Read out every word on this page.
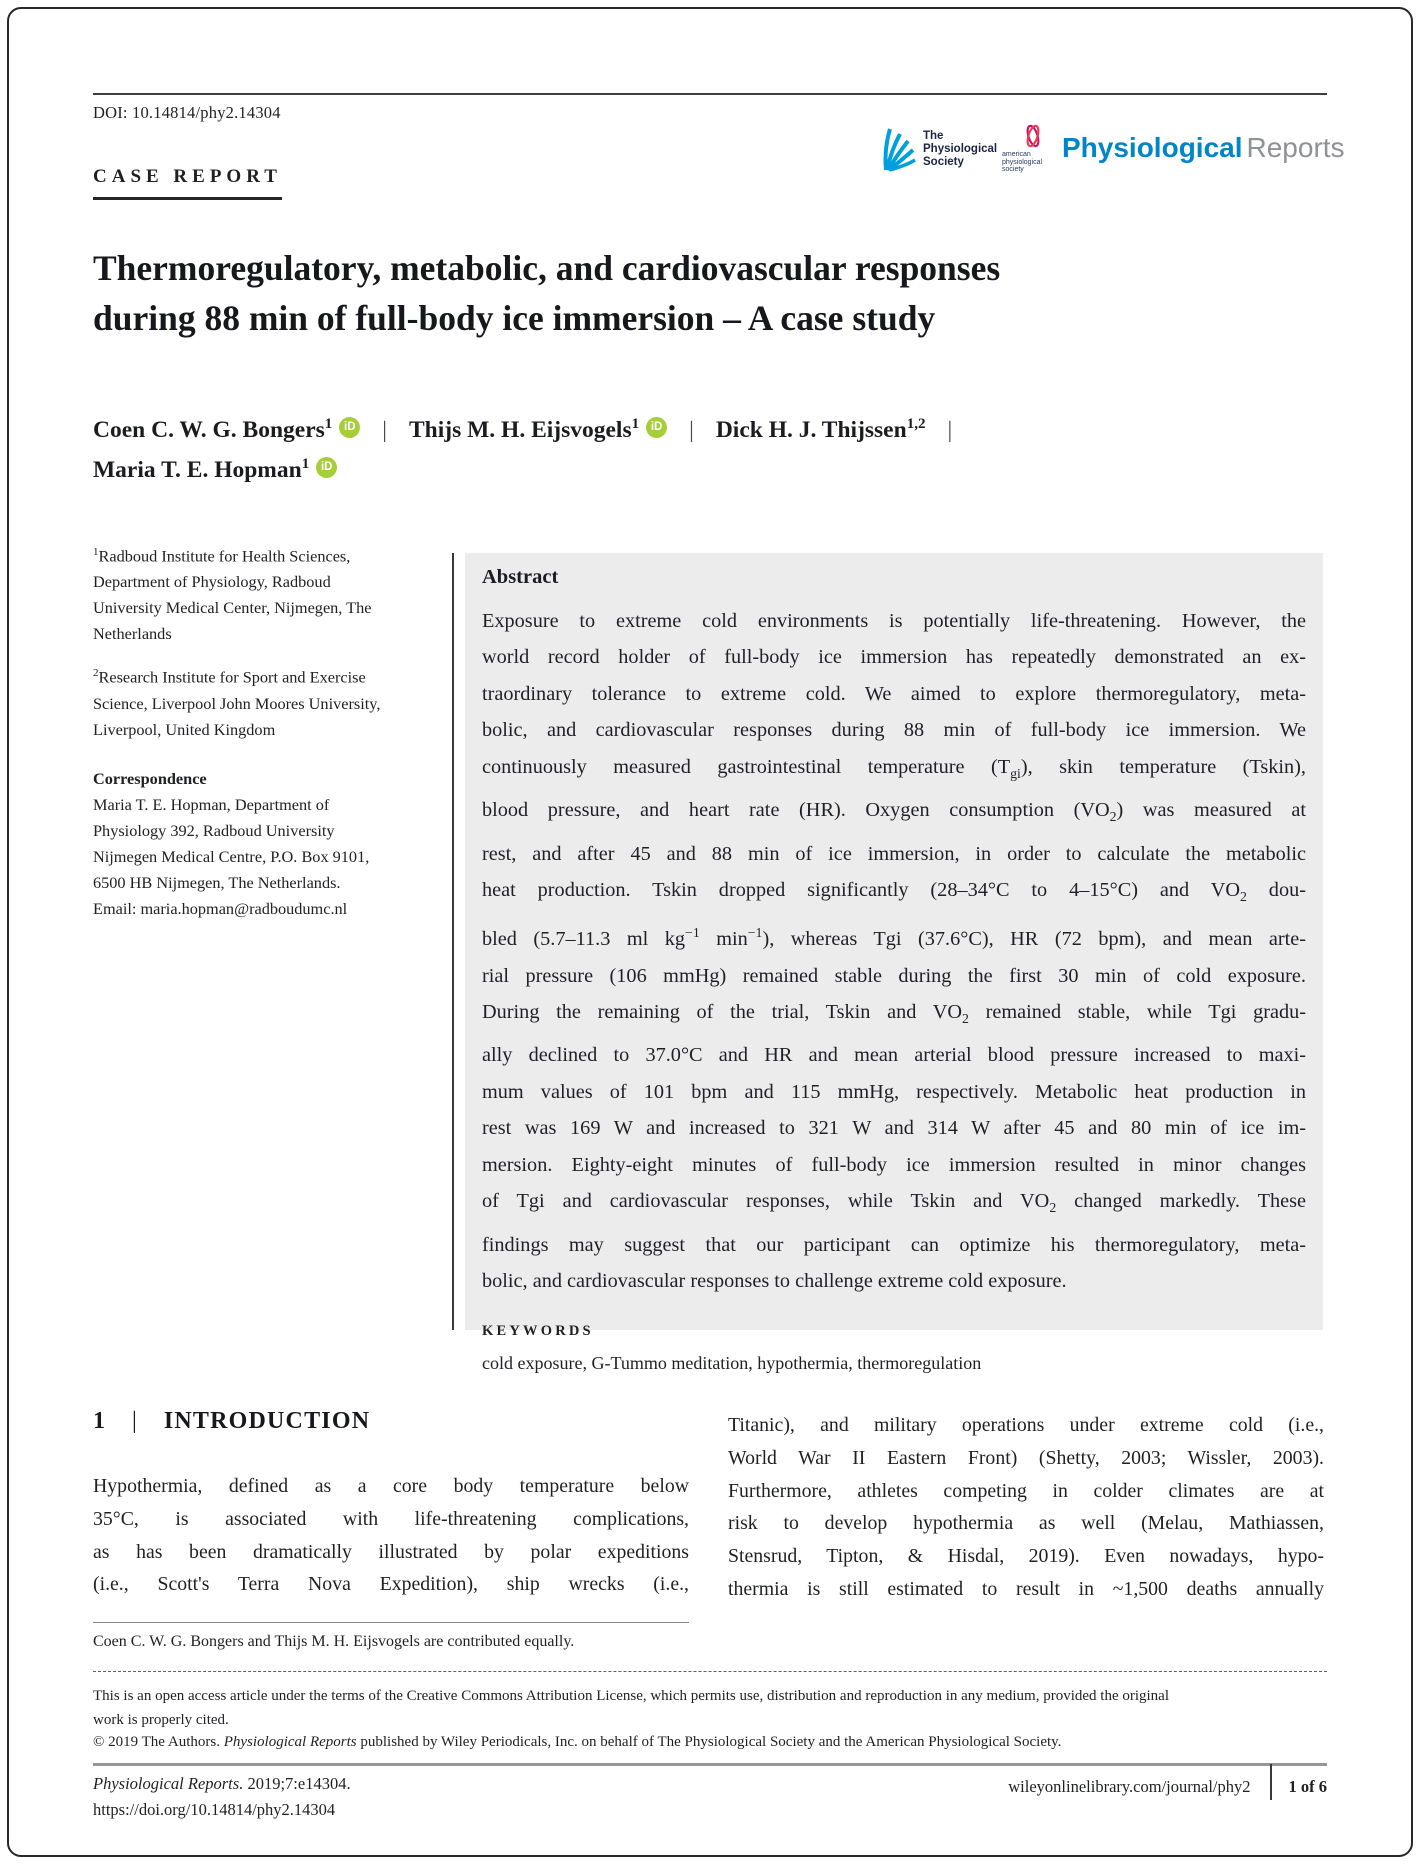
DOI: 10.14814/phy2.14304
CASE REPORT
The
Physiological
Society
american
physiological
society
Physiological Reports
Thermoregulatory, metabolic, and cardiovascular responses
during 88 min of full-body ice immersion – A case study
Coen C. W. G. Bongers$^1$ iD | Thijs M. H. Eijsvogels$^1$ iD | Dick H. J. Thijssen$^{1,2}$ |
Maria T. E. Hopman$^1$ iD
$^1$Radboud Institute for Health Sciences, Department of Physiology, Radboud University Medical Center, Nijmegen, The Netherlands
$^2$Research Institute for Sport and Exercise Science, Liverpool John Moores University, Liverpool, United Kingdom
Correspondence
Maria T. E. Hopman, Department of Physiology 392, Radboud University Nijmegen Medical Centre, P.O. Box 9101, 6500 HB Nijmegen, The Netherlands.
Email: maria.hopman@radboudumc.nl
Abstract
Exposure to extreme cold environments is potentially life-threatening. However, the
world record holder of full-body ice immersion has repeatedly demonstrated an ex-
traordinary tolerance to extreme cold. We aimed to explore thermoregulatory, meta-
bolic, and cardiovascular responses during 88 min of full-body ice immersion. We
continuously measured gastrointestinal temperature $(T_{gi})$, skin temperature (Tskin),
blood pressure, and heart rate (HR). Oxygen consumption $(VO_2)$ was measured at
rest, and after 45 and 88 min of ice immersion, in order to calculate the metabolic
heat production. Tskin dropped significantly (28–34°C to 4–15°C) and $VO_2$ dou-
bled (5.7–11.3 ml $kg^{-1}$ $\min^{-1}$), whereas Tgi (37.6°C), HR (72 bpm), and mean arte-
rial pressure (106 mmHg) remained stable during the first 30 min of cold exposure.
During the remaining of the trial, Tskin and $VO_2$ remained stable, while Tgi gradu-
ally declined to 37.0°C and HR and mean arterial blood pressure increased to maxi-
mum values of 101 bpm and 115 mmHg, respectively. Metabolic heat production in
rest was 169 W and increased to 321 W and 314 W after 45 and 80 min of ice im-
mersion. Eighty-eight minutes of full-body ice immersion resulted in minor changes
of Tgi and cardiovascular responses, while Tskin and $VO_2$ changed markedly. These
findings may suggest that our participant can optimize his thermoregulatory, meta-
bolic, and cardiovascular responses to challenge extreme cold exposure.
KEYWORDS
cold exposure, G-Tummo meditation, hypothermia, thermoregulation
1	|	INTRODUCTION
Hypothermia, defined as a core body temperature below
35°C, is associated with life-threatening complications,
as has been dramatically illustrated by polar expeditions
(i.e., Scott's Terra Nova Expedition), ship wrecks (i.e.,
Titanic), and military operations under extreme cold (i.e.,
World War II Eastern Front) (Shetty, 2003; Wissler, 2003).
Furthermore, athletes competing in colder climates are at
risk to develop hypothermia as well (Melau, Mathiassen,
Stensrud, Tipton, & Hisdal, 2019). Even nowadays, hypo-
thermia is still estimated to result in ~1,500 deaths annually
Coen C. W. G. Bongers and Thijs M. H. Eijsvogels are contributed equally.
This is an open access article under the terms of the Creative Commons Attribution License, which permits use, distribution and reproduction in any medium, provided the original
work is properly cited.
© 2019 The Authors. Physiological Reports published by Wiley Periodicals, Inc. on behalf of The Physiological Society and the American Physiological Society.
Physiological Reports. 2019;7:e14304.	wileyonlinelibrary.com/journal/phy2 1 of 6
https://doi.org/10.14814/phy2.14304
